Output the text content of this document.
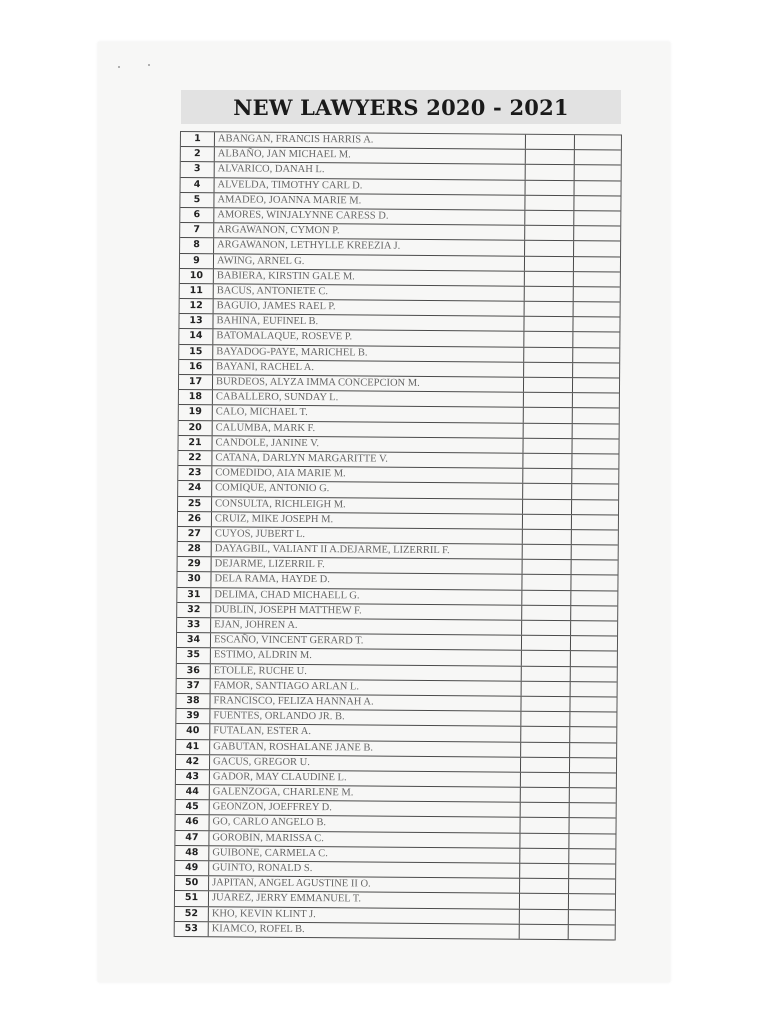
NEW LAWYERS 2020 - 2021
1	ABANGAN, FRANCIS HARRIS A.
2	ALBAÑO, JAN MICHAEL M.
3	ALVARICO, DANAH L.
4	ALVELDA, TIMOTHY CARL D.
5	AMADEO, JOANNA MARIE M.
6	AMORES, WINJALYNNE CARESS D.
7	ARGAWANON, CYMON P.
8	ARGAWANON, LETHYLLE KREEZIA J.
9	AWING, ARNEL G.
10	BABIERA, KIRSTIN GALE M.
11	BACUS, ANTONIETE C.
12	BAGUIO, JAMES RAEL P.
13	BAHINA, EUFINEL B.
14	BATOMALAQUE, ROSEVE P.
15	BAYADOG-PAYE, MARICHEL B.
16	BAYANI, RACHEL A.
17	BURDEOS, ALYZA IMMA CONCEPCION M.
18	CABALLERO, SUNDAY L.
19	CALO, MICHAEL T.
20	CALUMBA, MARK F.
21	CANDOLE, JANINE V.
22	CATANA, DARLYN MARGARITTE V.
23	COMEDIDO, AIA MARIE M.
24	COMIQUE, ANTONIO G.
25	CONSULTA, RICHLEIGH M.
26	CRUIZ, MIKE JOSEPH M.
27	CUYOS, JUBERT L.
28	DAYAGBIL, VALIANT II A.DEJARME, LIZERRIL F.
29	DEJARME, LIZERRIL F.
30	DELA RAMA, HAYDE D.
31	DELIMA, CHAD MICHAELL G.
32	DUBLIN, JOSEPH MATTHEW F.
33	EJAN, JOHREN A.
34	ESCAÑO, VINCENT GERARD T.
35	ESTIMO, ALDRIN M.
36	ETOLLE, RUCHE U.
37	FAMOR, SANTIAGO ARLAN L.
38	FRANCISCO, FELIZA HANNAH A.
39	FUENTES, ORLANDO JR. B.
40	FUTALAN, ESTER A.
41	GABUTAN, ROSHALANE JANE B.
42	GACUS, GREGOR U.
43	GADOR, MAY CLAUDINE L.
44	GALENZOGA, CHARLENE M.
45	GEONZON, JOEFFREY D.
46	GO, CARLO ANGELO B.
47	GOROBIN, MARISSA C.
48	GUIBONE, CARMELA C.
49	GUINTO, RONALD S.
50	JAPITAN, ANGEL AGUSTINE II O.
51	JUAREZ, JERRY EMMANUEL T.
52	KHO, KEVIN KLINT J.
53	KIAMCO, ROFEL B.
